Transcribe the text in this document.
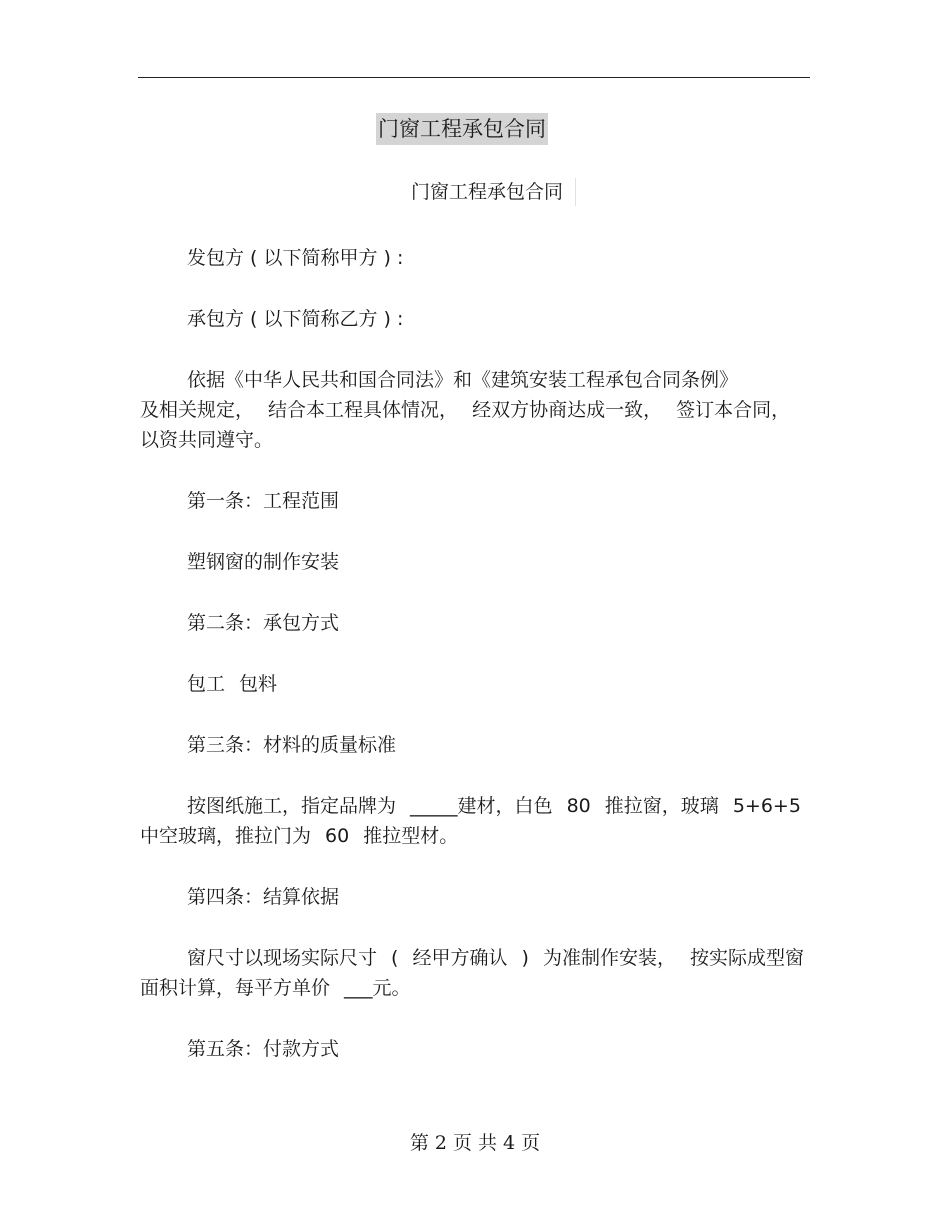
门窗工程承包合同
门窗工程承包合同

发包方 ( 以下简称甲方 ) :

承包方 ( 以下简称乙方 ) :

依据《中华人民共和国合同法》和《建筑安装工程承包合同条例》
及相关规定， 结合本工程具体情况， 经双方协商达成一致， 签订本合同，
以资共同遵守。

第一条：工程范围

塑钢窗的制作安装

第二条：承包方式

包工 包料

第三条：材料的质量标准

按图纸施工，指定品牌为 _____建材，白色 80 推拉窗，玻璃 5+6+5
中空玻璃，推拉门为 60 推拉型材。

第四条：结算依据

窗尺寸以现场实际尺寸 ( 经甲方确认 ) 为准制作安装， 按实际成型窗
面积计算，每平方单价 ___元。

第五条：付款方式

第 2 页 共 4 页
